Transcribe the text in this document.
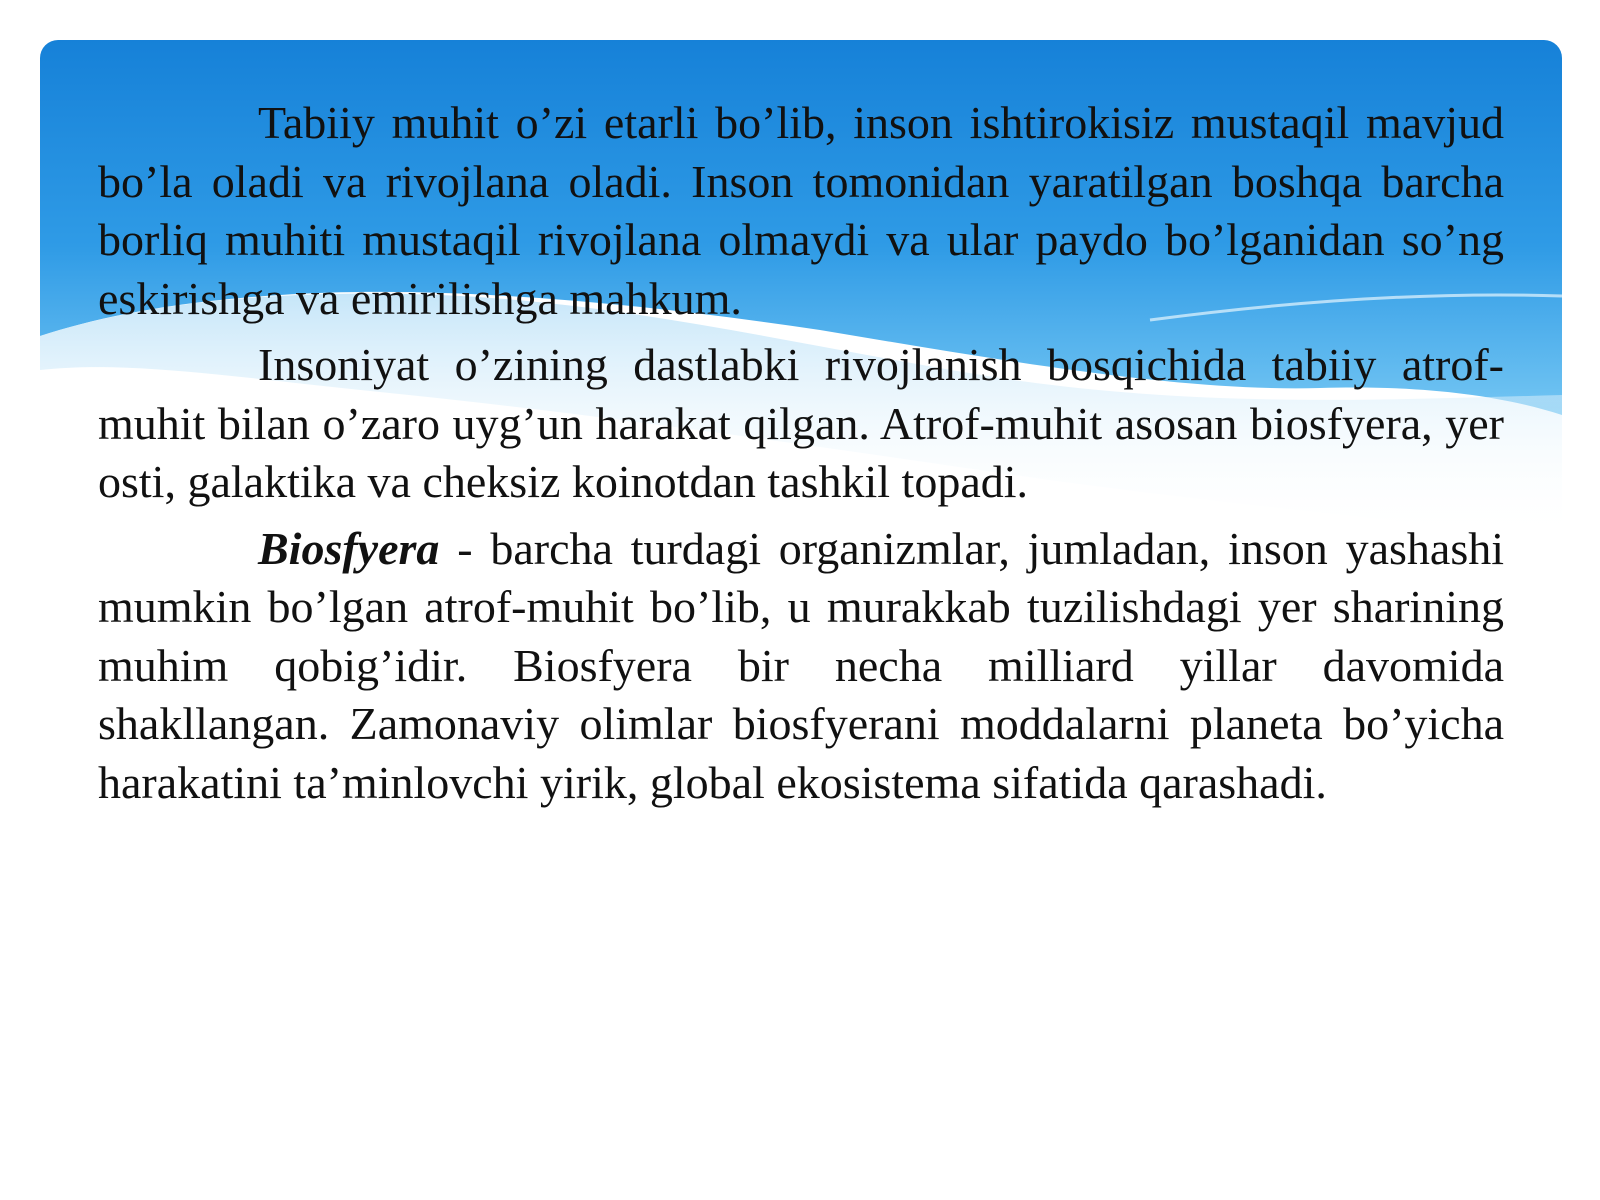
Tabiiy muhit o’zi etarli bo’lib, inson ishtirokisiz mustaqil mavjud bo’la oladi va rivojlana oladi. Inson tomonidan yaratilgan boshqa barcha borliq muhiti mustaqil rivojlana olmaydi va ular paydo bo’lganidan so’ng eskirishga va emirilishga mahkum.

Insoniyat o’zining dastlabki rivojlanish bosqichida tabiiy atrof-muhit bilan o’zaro uyg’un harakat qilgan. Atrof-muhit asosan biosfyera, yer osti, galaktika va cheksiz koinotdan tashkil topadi.

Biosfyera - barcha turdagi organizmlar, jumladan, inson yashashi mumkin bo’lgan atrof-muhit bo’lib, u murakkab tuzilishdagi yer sharining muhim qobig’idir. Biosfyera bir necha milliard yillar davomida shakllangan. Zamonaviy olimlar biosfyerani moddalarni planeta bo’yicha harakatini ta’minlovchi yirik, global ekosistema sifatida qarashadi.
